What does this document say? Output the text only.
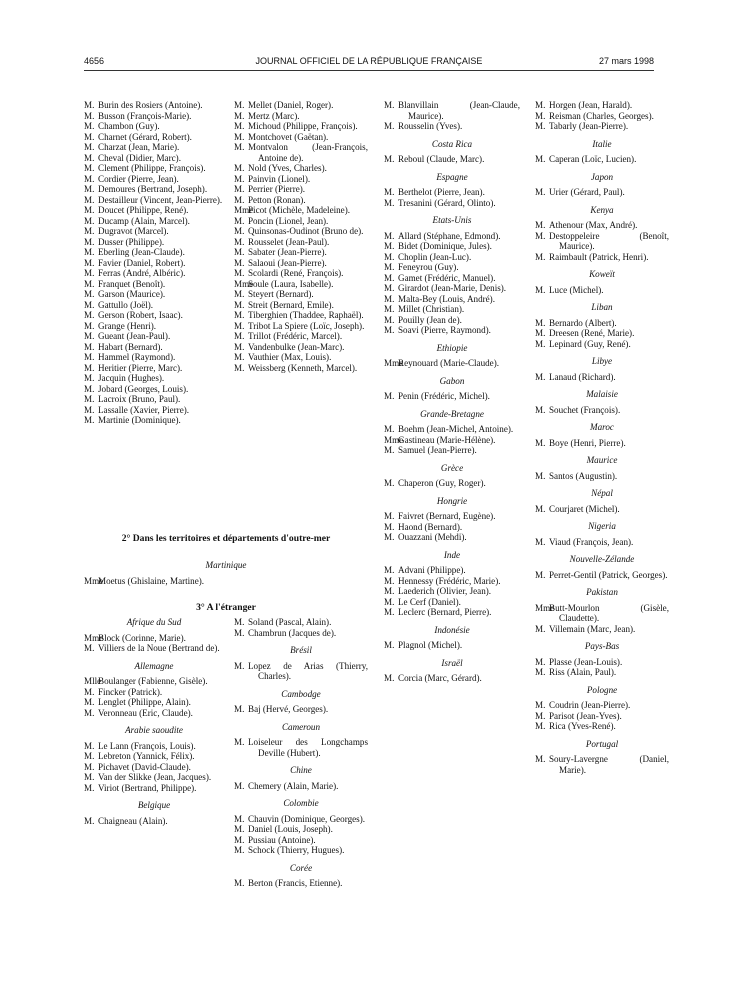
4656	JOURNAL OFFICIEL DE LA RÉPUBLIQUE FRANÇAISE	27 mars 1998
M. Burin des Rosiers (Antoine).
M. Busson (François-Marie).
M. Chambon (Guy).
M. Charnet (Gérard, Robert).
M. Charzat (Jean, Marie).
M. Cheval (Didier, Marc).
M. Clement (Philippe, François).
M. Cordier (Pierre, Jean).
M. Demoures (Bertrand, Joseph).
M. Destailleur (Vincent, Jean-Pierre).
M. Doucet (Philippe, René).
M. Ducamp (Alain, Marcel).
M. Dugravot (Marcel).
M. Dusser (Philippe).
M. Eberling (Jean-Claude).
M. Favier (Daniel, Robert).
M. Ferras (André, Albéric).
M. Franquet (Benoît).
M. Garson (Maurice).
M. Gattullo (Joël).
M. Gerson (Robert, Isaac).
M. Grange (Henri).
M. Gueant (Jean-Paul).
M. Habart (Bernard).
M. Hammel (Raymond).
M. Heritier (Pierre, Marc).
M. Jacquin (Hughes).
M. Jobard (Georges, Louis).
M. Lacroix (Bruno, Paul).
M. Lassalle (Xavier, Pierre).
M. Martinie (Dominique).
M. Mellet (Daniel, Roger).
M. Mertz (Marc).
M. Michoud (Philippe, François).
M. Montchovet (Gaëtan).
M. Montvalon (Jean-François, Antoine de).
M. Nold (Yves, Charles).
M. Painvin (Lionel).
M. Perrier (Pierre).
M. Petton (Ronan).
Mme
Picot (Michèle, Madeleine).
M. Poncin (Lionel, Jean).
M. Quinsonas-Oudinot (Bruno de).
M. Rousselet (Jean-Paul).
M. Sabater (Jean-Pierre).
M. Salaoui (Jean-Pierre).
M. Scolardi (René, François).
Mme
Soule (Laura, Isabelle).
M. Steyert (Bernard).
M. Streit (Bernard, Emile).
M. Tiberghien (Thaddee, Raphaël).
M. Tribot La Spiere (Loïc, Joseph).
M. Trillot (Frédéric, Marcel).
M. Vandenbulke (Jean-Marc).
M. Vauthier (Max, Louis).
M. Weissberg (Kenneth, Marcel).
M. Blanvillain (Jean-Claude, Maurice).
M. Rousselin (Yves).
Costa Rica
M. Reboul (Claude, Marc).
Espagne
M. Berthelot (Pierre, Jean).
M. Tresanini (Gérard, Olinto).
Etats-Unis
M. Allard (Stéphane, Edmond).
M. Bidet (Dominique, Jules).
M. Choplin (Jean-Luc).
M. Feneyrou (Guy).
M. Gamet (Frédéric, Manuel).
M. Girardot (Jean-Marie, Denis).
M. Malta-Bey (Louis, André).
M. Millet (Christian).
M. Pouilly (Jean de).
M. Soavi (Pierre, Raymond).
Ethiopie
Mme
Reynouard (Marie-Claude).
Gabon
M. Penin (Frédéric, Michel).
Grande-Bretagne
M. Boehm (Jean-Michel, Antoine).
Mme
Gastineau (Marie-Hélène).
M. Samuel (Jean-Pierre).
Grèce
M. Chaperon (Guy, Roger).
Hongrie
M. Faivret (Bernard, Eugène).
M. Haond (Bernard).
M. Ouazzani (Mehdi).
Inde
M. Advani (Philippe).
M. Hennessy (Frédéric, Marie).
M. Laederich (Olivier, Jean).
M. Le Cerf (Daniel).
M. Leclerc (Bernard, Pierre).
Indonésie
M. Plagnol (Michel).
Israël
M. Corcia (Marc, Gérard).
M. Horgen (Jean, Harald).
M. Reisman (Charles, Georges).
M. Tabarly (Jean-Pierre).
Italie
M. Caperan (Loïc, Lucien).
Japon
M. Urier (Gérard, Paul).
Kenya
M. Athenour (Max, André).
M. Destoppeleire (Benoît, Maurice).
M. Raimbault (Patrick, Henri).
Koweït
M. Luce (Michel).
Liban
M. Bernardo (Albert).
M. Dreesen (René, Marie).
M. Lepinard (Guy, René).
Libye
M. Lanaud (Richard).
Malaisie
M. Souchet (François).
Maroc
M. Boye (Henri, Pierre).
Maurice
M. Santos (Augustin).
Népal
M. Courjaret (Michel).
Nigeria
M. Viaud (François, Jean).
Nouvelle-Zélande
M. Perret-Gentil (Patrick, Georges).
Pakistan
Mme
Butt-Mourlon (Gisèle, Claudette).
M. Villemain (Marc, Jean).
Pays-Bas
M. Plasse (Jean-Louis).
M. Riss (Alain, Paul).
Pologne
M. Coudrin (Jean-Pierre).
M. Parisot (Jean-Yves).
M. Rica (Yves-René).
Portugal
M. Soury-Lavergne (Daniel, Marie).
2° Dans les territoires et départements d'outre-mer
Martinique
Mme
Moetus (Ghislaine, Martine).
3° A l'étranger
Afrique du Sud
Mme
Block (Corinne, Marie).
M. Villiers de la Noue (Bertrand de).
Allemagne
Mlle
Boulanger (Fabienne, Gisèle).
M. Fincker (Patrick).
M. Lenglet (Philippe, Alain).
M. Veronneau (Eric, Claude).
Arabie saoudite
M. Le Lann (François, Louis).
M. Lebreton (Yannick, Félix).
M. Pichavet (David-Claude).
M. Van der Slikke (Jean, Jacques).
M. Viriot (Bertrand, Philippe).
Belgique
M. Chaigneau (Alain).
M. Soland (Pascal, Alain).
M. Chambrun (Jacques de).
Brésil
M. Lopez de Arias (Thierry, Charles).
Cambodge
M. Baj (Hervé, Georges).
Cameroun
M. Loiseleur des Longchamps Deville (Hubert).
Chine
M. Chemery (Alain, Marie).
Colombie
M. Chauvin (Dominique, Georges).
M. Daniel (Louis, Joseph).
M. Pussiau (Antoine).
M. Schock (Thierry, Hugues).
Corée
M. Berton (Francis, Etienne).
